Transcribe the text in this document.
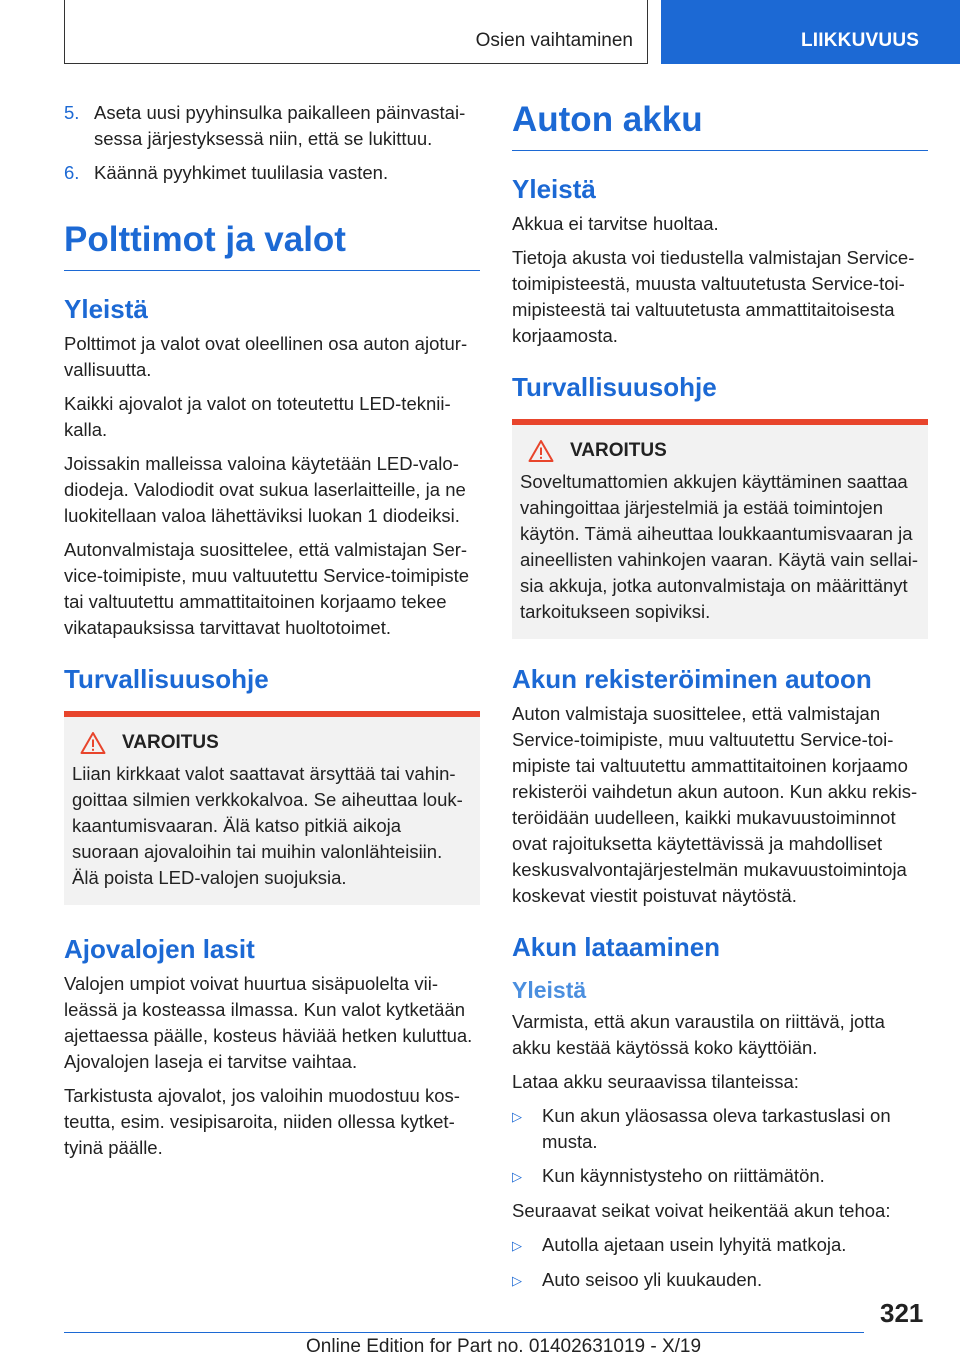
Osien vaihtaminen	LIIKKUVUUS
5. Aseta uusi pyyhinsulka paikalleen päinvastaisessa järjestyksessä niin, että se lukittuu.
6. Käännä pyyhkimet tuulilasia vasten.
Polttimot ja valot
Yleistä

Polttimot ja valot ovat oleellinen osa auton ajoturvallisuutta.

Kaikki ajovalot ja valot on toteutettu LED-tekniikalla.

Joissakin malleissa valoina käytetään LED-valodiodeja. Valodiodit ovat sukua laserlaitteille, ja ne luokitellaan valoa lähettäviksi luokan 1 diodeiksi.

Autonvalmistaja suosittelee, että valmistajan Service-toimipiste, muu valtuutettu Service-toimipiste tai valtuutettu ammattitaitoinen korjaamo tekee vikatapauksissa tarvittavat huoltotoimet.

Turvallisuusohje
VAROITUS

Liian kirkkaat valot saattavat ärsyttää tai vahingoittaa silmien verkkokalvoa. Se aiheuttaa loukkaantumisvaaran. Älä katso pitkiä aikoja suoraan ajovaloihin tai muihin valonlähteisiin. Älä poista LED-valojen suojuksia.

Ajovalojen lasit

Valojen umpiot voivat huurtua sisäpuolelta viileässä ja kosteassa ilmassa. Kun valot kytketään ajettaessa päälle, kosteus häviää hetken kuluttua. Ajovalojen laseja ei tarvitse vaihtaa.

Tarkistusta ajovalot, jos valoihin muodostuu kosteutta, esim. vesipisaroita, niiden ollessa kytkettyinä päälle.

Auton akku
Yleistä

Akkua ei tarvitse huoltaa.

Tietoja akusta voi tiedustella valmistajan Service-toimipisteestä, muusta valtuutetusta Service-toimipisteestä tai valtuutetusta ammattitaitoisesta korjaamosta.

Turvallisuusohje
VAROITUS

Soveltumattomien akkujen käyttäminen saattaa vahingoittaa järjestelmiä ja estää toimintojen käytön. Tämä aiheuttaa loukkaantumisvaaran ja aineellisten vahinkojen vaaran. Käytä vain sellaisia akkuja, jotka autonvalmistaja on määrittänyt tarkoitukseen sopiviksi.

Akun rekisteröiminen autoon

Auton valmistaja suosittelee, että valmistajan Service-toimipiste, muu valtuutettu Service-toimipiste tai valtuutettu ammattitaitoinen korjaamo rekisteröi vaihdetun akun autoon. Kun akku rekisteröidään uudelleen, kaikki mukavuustoiminnot ovat rajoituksetta käytettävissä ja mahdolliset keskusvalvontajärjestelmän mukavuustoimintoja koskevat viestit poistuvat näytöstä.

Akun lataaminen
Yleistä

Varmista, että akun varaustila on riittävä, jotta akku kestää käytössä koko käyttöiän.

Lataa akku seuraavissa tilanteissa:

▷	Kun akun yläosassa oleva tarkastuslasi on musta.
▷	Kun käynnistysteho on riittämätön.

Seuraavat seikat voivat heikentää akun tehoa:

▷	Autolla ajetaan usein lyhyitä matkoja.
▷	Auto seisoo yli kuukauden.
321
Online Edition for Part no. 01402631019 - X/19
